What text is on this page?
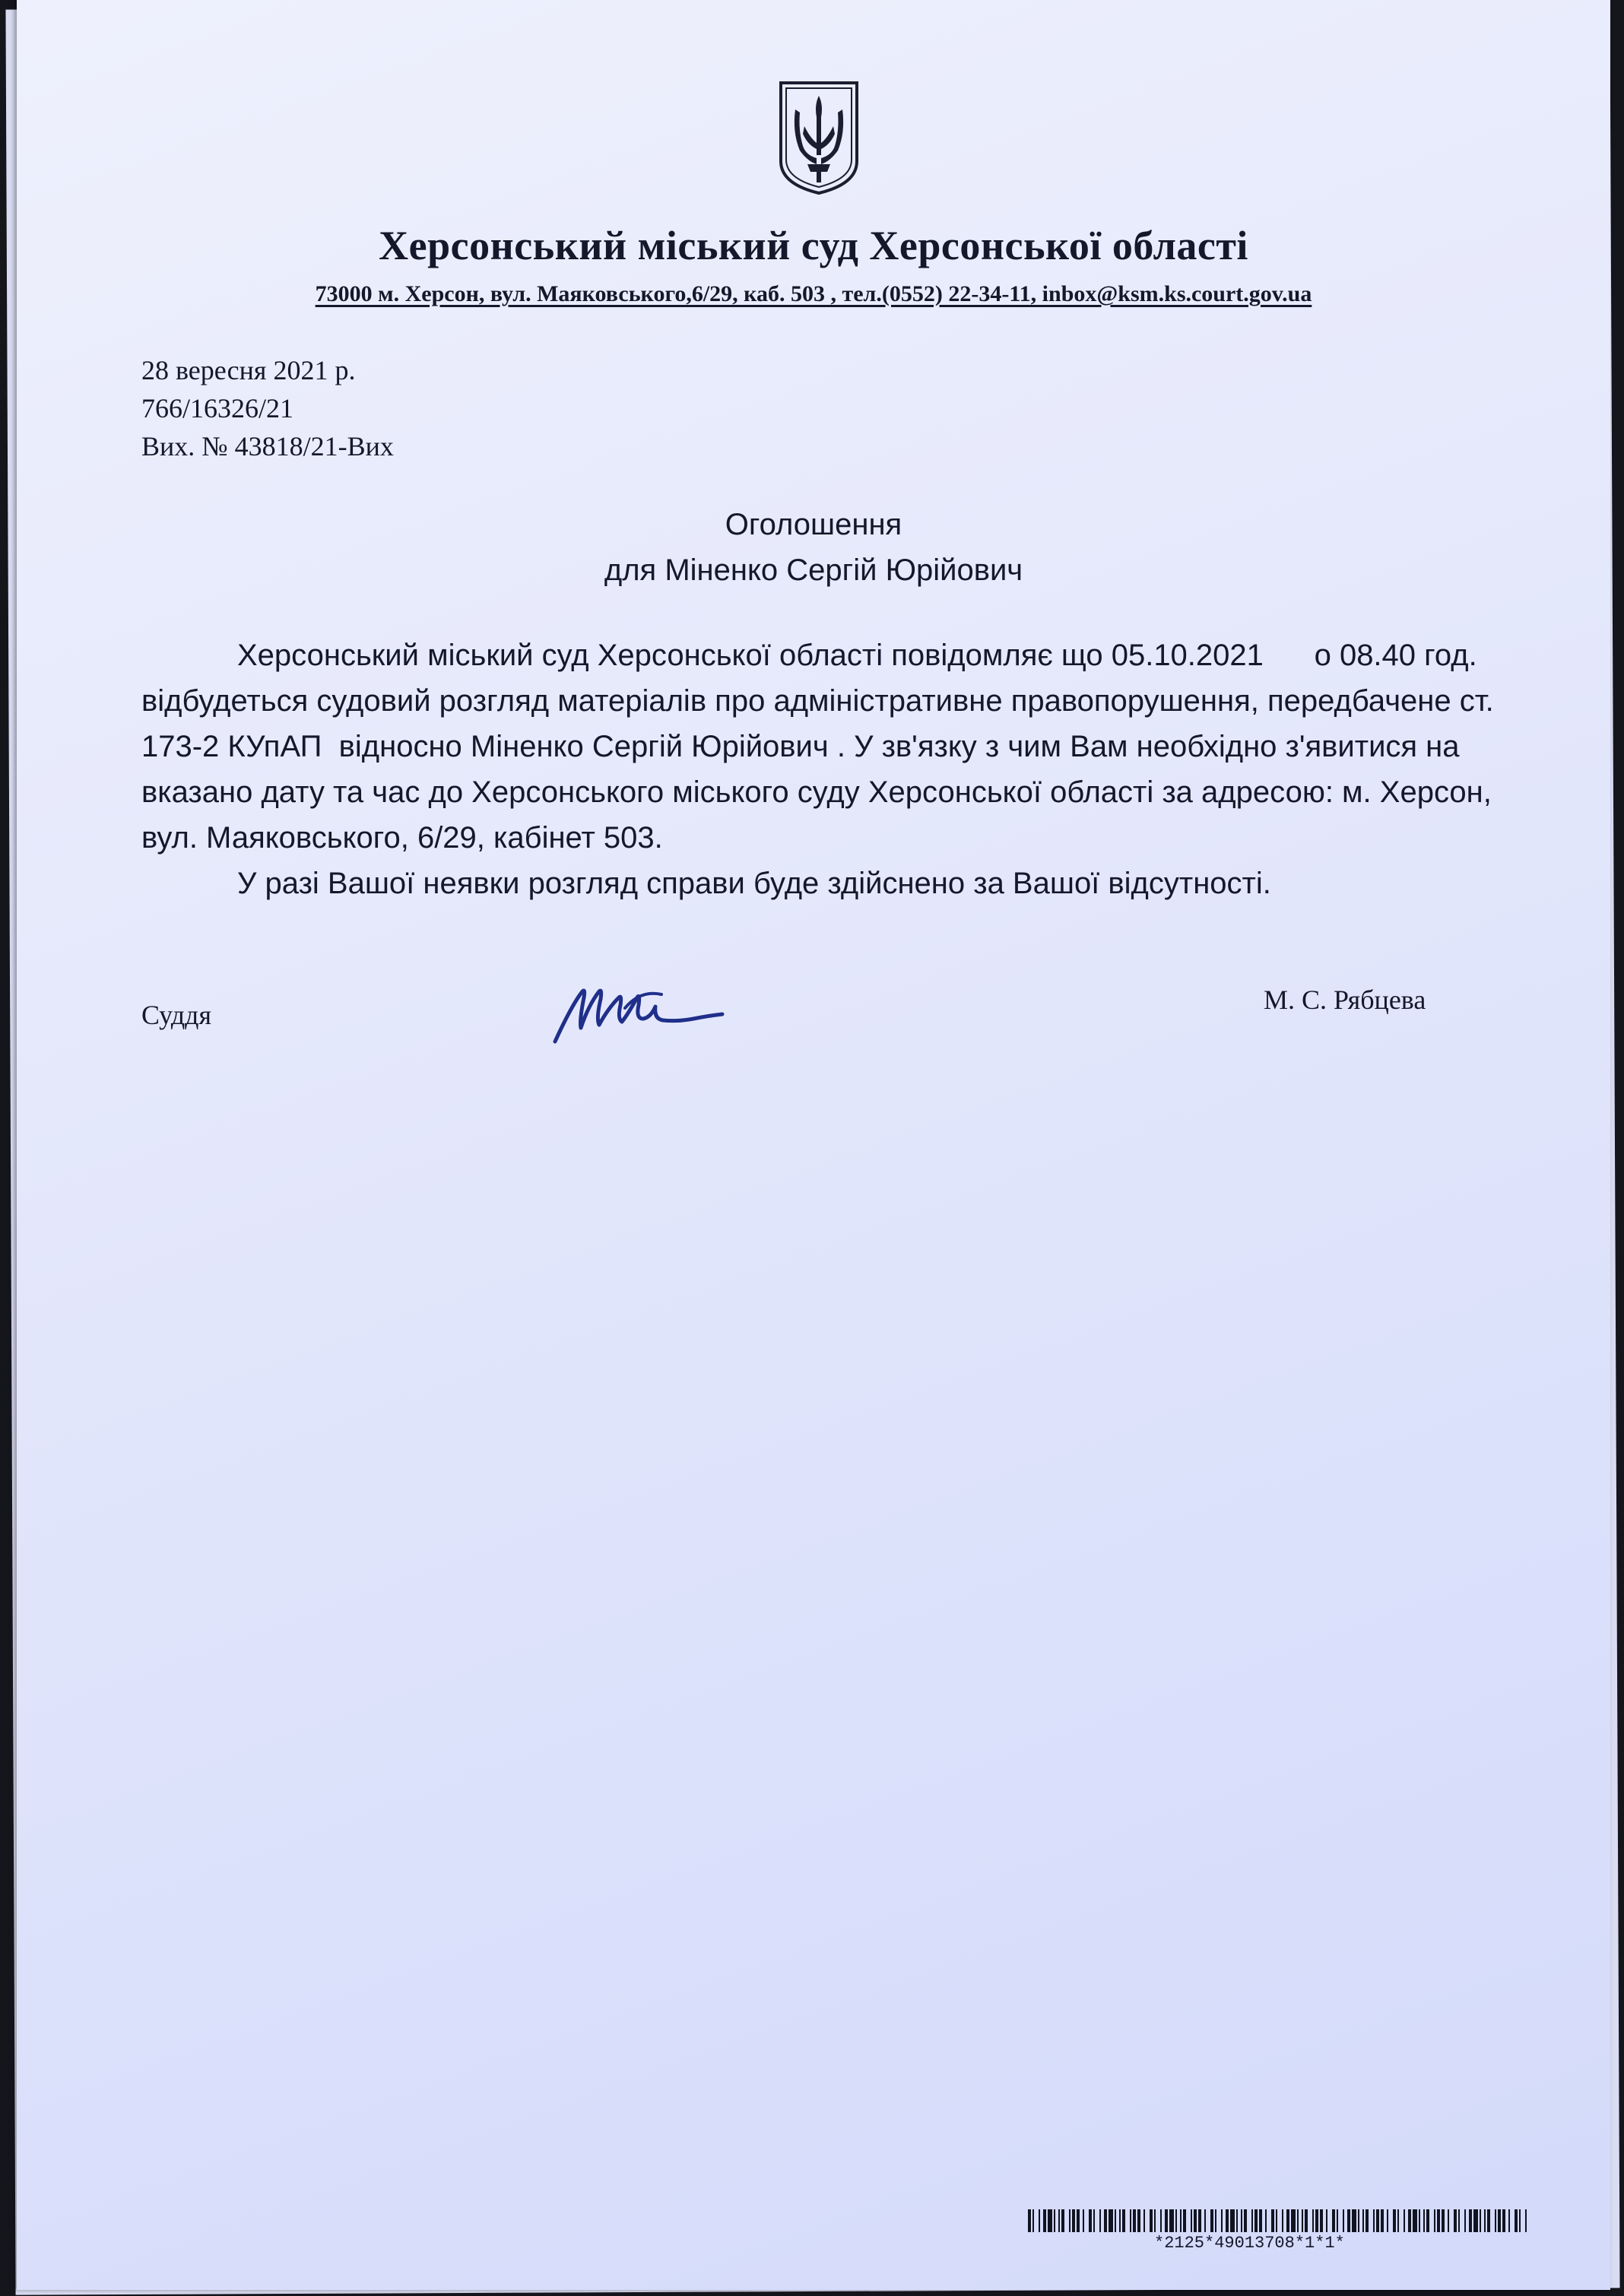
Херсонський міський суд Херсонської області
73000 м. Херсон, вул. Маяковського,6/29, каб. 503 , тел.(0552) 22-34-11, inbox@ksm.ks.court.gov.ua
28 вересня 2021 р.
766/16326/21
Вих. № 43818/21-Вих
Оголошення
для Міненко Сергій Юрійович

Херсонський міський суд Херсонської області повідомляє що 05.10.2021      о 08.40 год.     відбудеться судовий розгляд матеріалів про адміністративне правопорушення, передбачене ст.  173-2 КУпАП  відносно Міненко Сергій Юрійович . У зв'язку з чим Вам необхідно з'явитися на вказано дату та час до Херсонського міського суду Херсонської області за адресою: м. Херсон, вул. Маяковського, 6/29, кабінет 503.

У разі Вашої неявки розгляд справи буде здійснено за Вашої відсутності.

Суддя	М. С. Рябцева
*2125*49013708*1*1*
